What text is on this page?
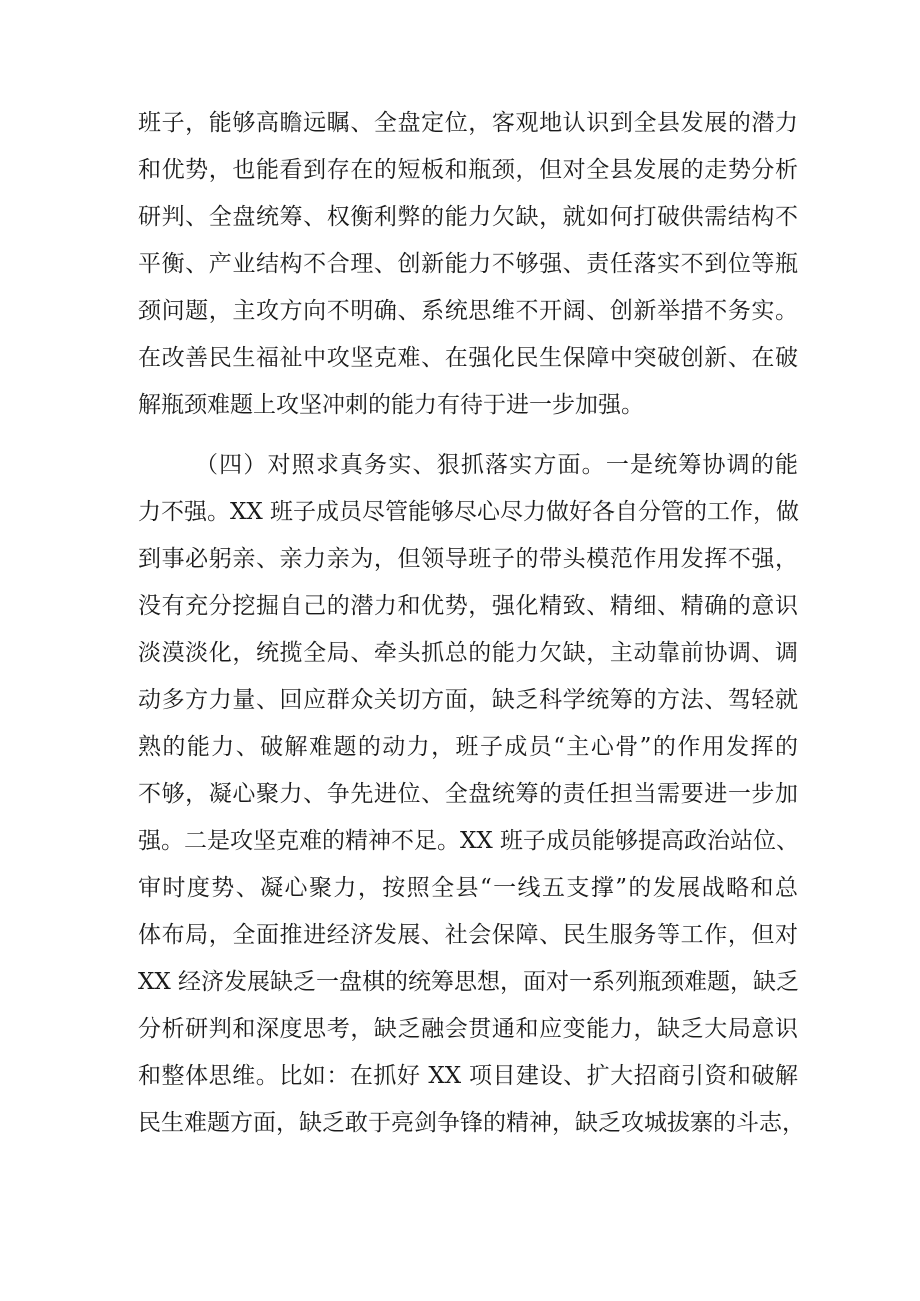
班子，能够高瞻远瞩、全盘定位，客观地认识到全县发展的潜力
和优势，也能看到存在的短板和瓶颈，但对全县发展的走势分析
研判、全盘统筹、权衡利弊的能力欠缺，就如何打破供需结构不
平衡、产业结构不合理、创新能力不够强、责任落实不到位等瓶
颈问题，主攻方向不明确、系统思维不开阔、创新举措不务实。
在改善民生福祉中攻坚克难、在强化民生保障中突破创新、在破
解瓶颈难题上攻坚冲刺的能力有待于进一步加强。
（四）对照求真务实、狠抓落实方面。一是统筹协调的能
力不强。XX 班子成员尽管能够尽心尽力做好各自分管的工作，做
到事必躬亲、亲力亲为，但领导班子的带头模范作用发挥不强，
没有充分挖掘自己的潜力和优势，强化精致、精细、精确的意识
淡漠淡化，统揽全局、牵头抓总的能力欠缺，主动靠前协调、调
动多方力量、回应群众关切方面，缺乏科学统筹的方法、驾轻就
熟的能力、破解难题的动力，班子成员“主心骨”的作用发挥的
不够，凝心聚力、争先进位、全盘统筹的责任担当需要进一步加
强。二是攻坚克难的精神不足。XX 班子成员能够提高政治站位、
审时度势、凝心聚力，按照全县“一线五支撑”的发展战略和总
体布局，全面推进经济发展、社会保障、民生服务等工作，但对
XX 经济发展缺乏一盘棋的统筹思想，面对一系列瓶颈难题，缺乏
分析研判和深度思考，缺乏融会贯通和应变能力，缺乏大局意识
和整体思维。比如：在抓好 XX 项目建设、扩大招商引资和破解
民生难题方面，缺乏敢于亮剑争锋的精神，缺乏攻城拔寨的斗志，
